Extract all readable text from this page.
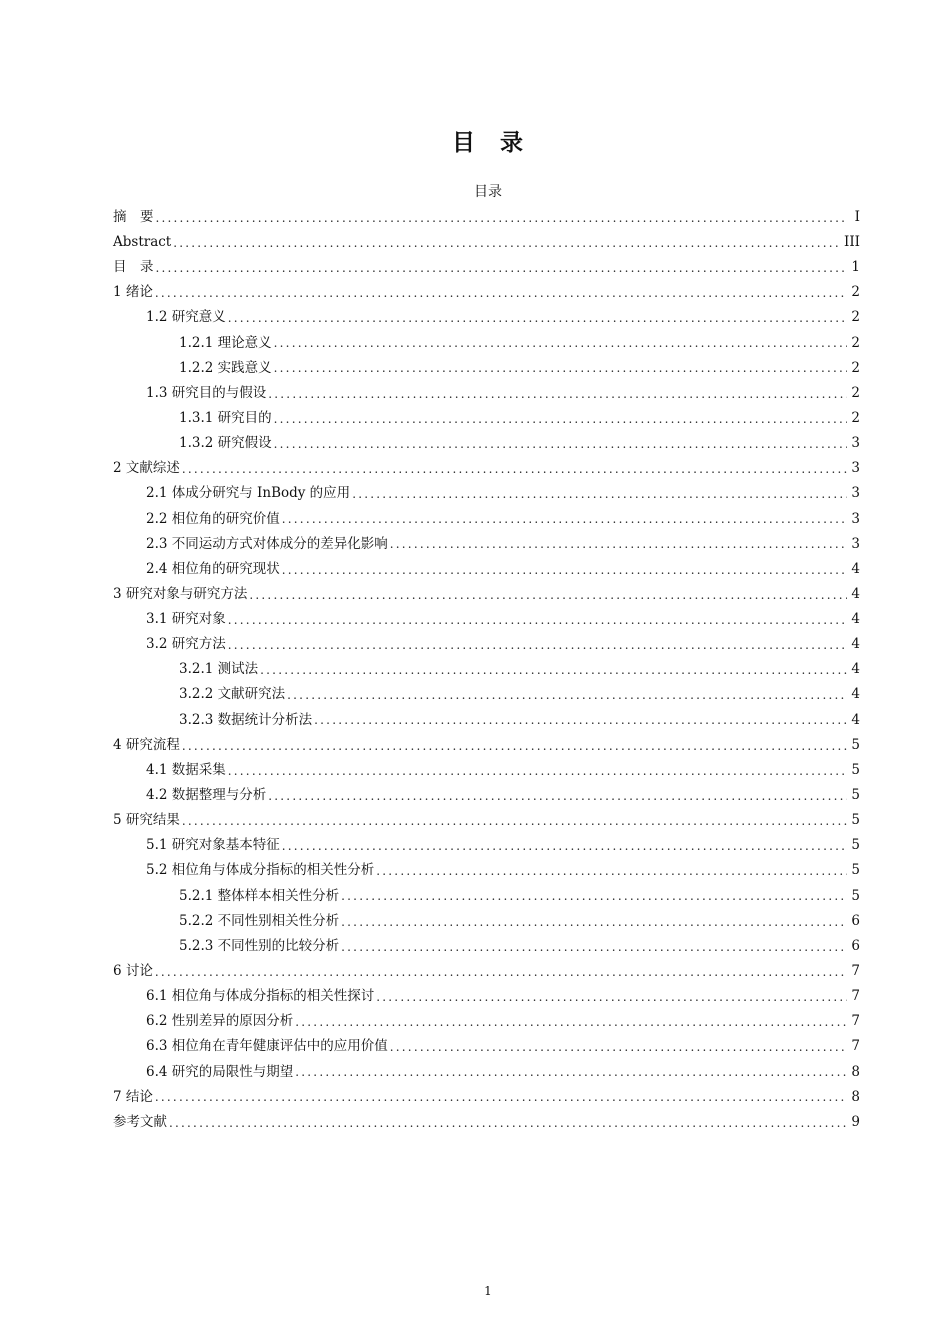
目　录
目录
摘　要 .....	I
Abstract .....	III
目　录 .....	1
1 绪论 .....	2
1.2 研究意义 .....	2
1.2.1 理论意义 .....	2
1.2.2 实践意义 .....	2
1.3 研究目的与假设 .....	2
1.3.1 研究目的 .....	2
1.3.2 研究假设 .....	3
2 文献综述 .....	3
2.1 体成分研究与 InBody 的应用 .....	3
2.2 相位角的研究价值 .....	3
2.3 不同运动方式对体成分的差异化影响 .....	3
2.4 相位角的研究现状 .....	4
3 研究对象与研究方法 .....	4
3.1 研究对象 .....	4
3.2 研究方法 .....	4
3.2.1 测试法 .....	4
3.2.2 文献研究法 .....	4
3.2.3 数据统计分析法 .....	4
4 研究流程 .....	5
4.1 数据采集 .....	5
4.2 数据整理与分析 .....	5
5 研究结果 .....	5
5.1 研究对象基本特征 .....	5
5.2 相位角与体成分指标的相关性分析 .....	5
5.2.1 整体样本相关性分析 .....	5
5.2.2 不同性别相关性分析 .....	6
5.2.3 不同性别的比较分析 .....	6
6 讨论 .....	7
6.1 相位角与体成分指标的相关性探讨 .....	7
6.2 性别差异的原因分析 .....	7
6.3 相位角在青年健康评估中的应用价值 .....	7
6.4 研究的局限性与期望 .....	8
7 结论 .....	8
参考文献 .....	9
1
